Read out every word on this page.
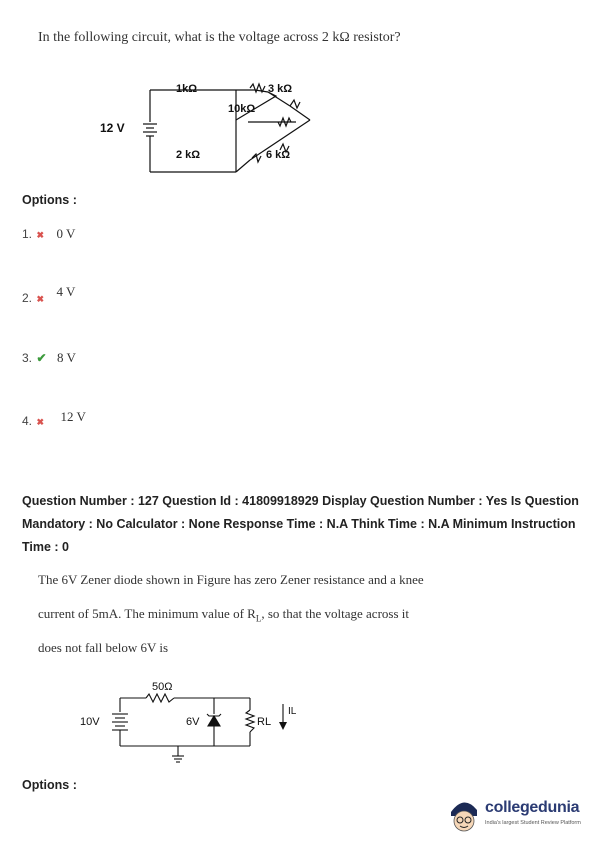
In the following circuit, what is the voltage across 2 kΩ resistor?
1kΩ	3 kΩ
10kΩ
12 V
2 kΩ	6 kΩ
Options :
1. ✖ 0 V
2. ✖ $^{4 V}$
3. ✔ 8 V
4. ✖ $^{12 V}$
Question Number : 127 Question Id : 41809918929 Display Question Number : Yes Is Question
Mandatory : No Calculator : None Response Time : N.A Think Time : N.A Minimum Instruction
Time : 0
The 6V Zener diode shown in Figure has zero Zener resistance and a knee
current of 5mA. The minimum value of $R_L$, so that the voltage across it
does not fall below 6V is
50Ω
10V	6V	RL
IL
Options :
collegedunia
India's largest Student Review Platform
